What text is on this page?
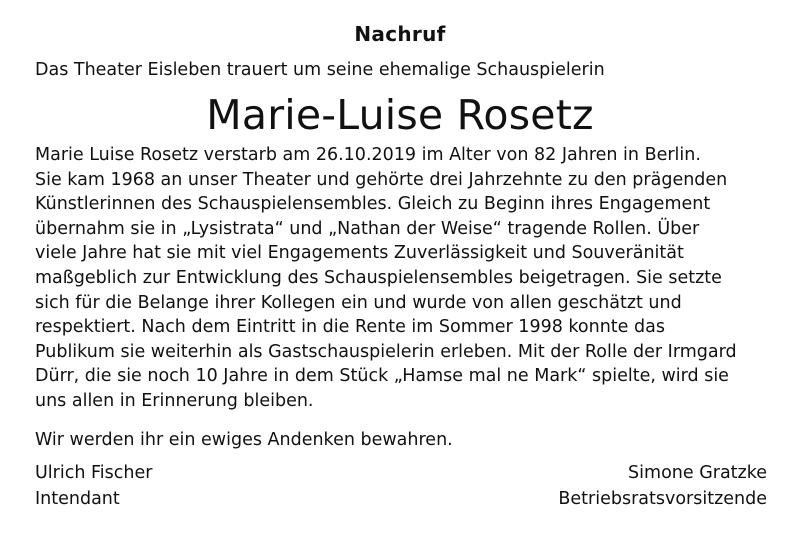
Nachruf
Das Theater Eisleben trauert um seine ehemalige Schauspielerin
Marie-Luise Rosetz
Marie Luise Rosetz verstarb am 26.10.2019 im Alter von 82 Jahren in Berlin.
Sie kam 1968 an unser Theater und gehörte drei Jahrzehnte zu den prägenden
Künstlerinnen des Schauspielensembles. Gleich zu Beginn ihres Engagement
übernahm sie in „Lysistrata“ und „Nathan der Weise“ tragende Rollen. Über
viele Jahre hat sie mit viel Engagements Zuverlässigkeit und Souveränität
maßgeblich zur Entwicklung des Schauspielensembles beigetragen. Sie setzte
sich für die Belange ihrer Kollegen ein und wurde von allen geschätzt und
respektiert. Nach dem Eintritt in die Rente im Sommer 1998 konnte das
Publikum sie weiterhin als Gastschauspielerin erleben. Mit der Rolle der Irmgard
Dürr, die sie noch 10 Jahre in dem Stück „Hamse mal ne Mark“ spielte, wird sie
uns allen in Erinnerung bleiben.
Wir werden ihr ein ewiges Andenken bewahren.
Ulrich Fischer
Intendant
Simone Gratzke
Betriebsratsvorsitzende
